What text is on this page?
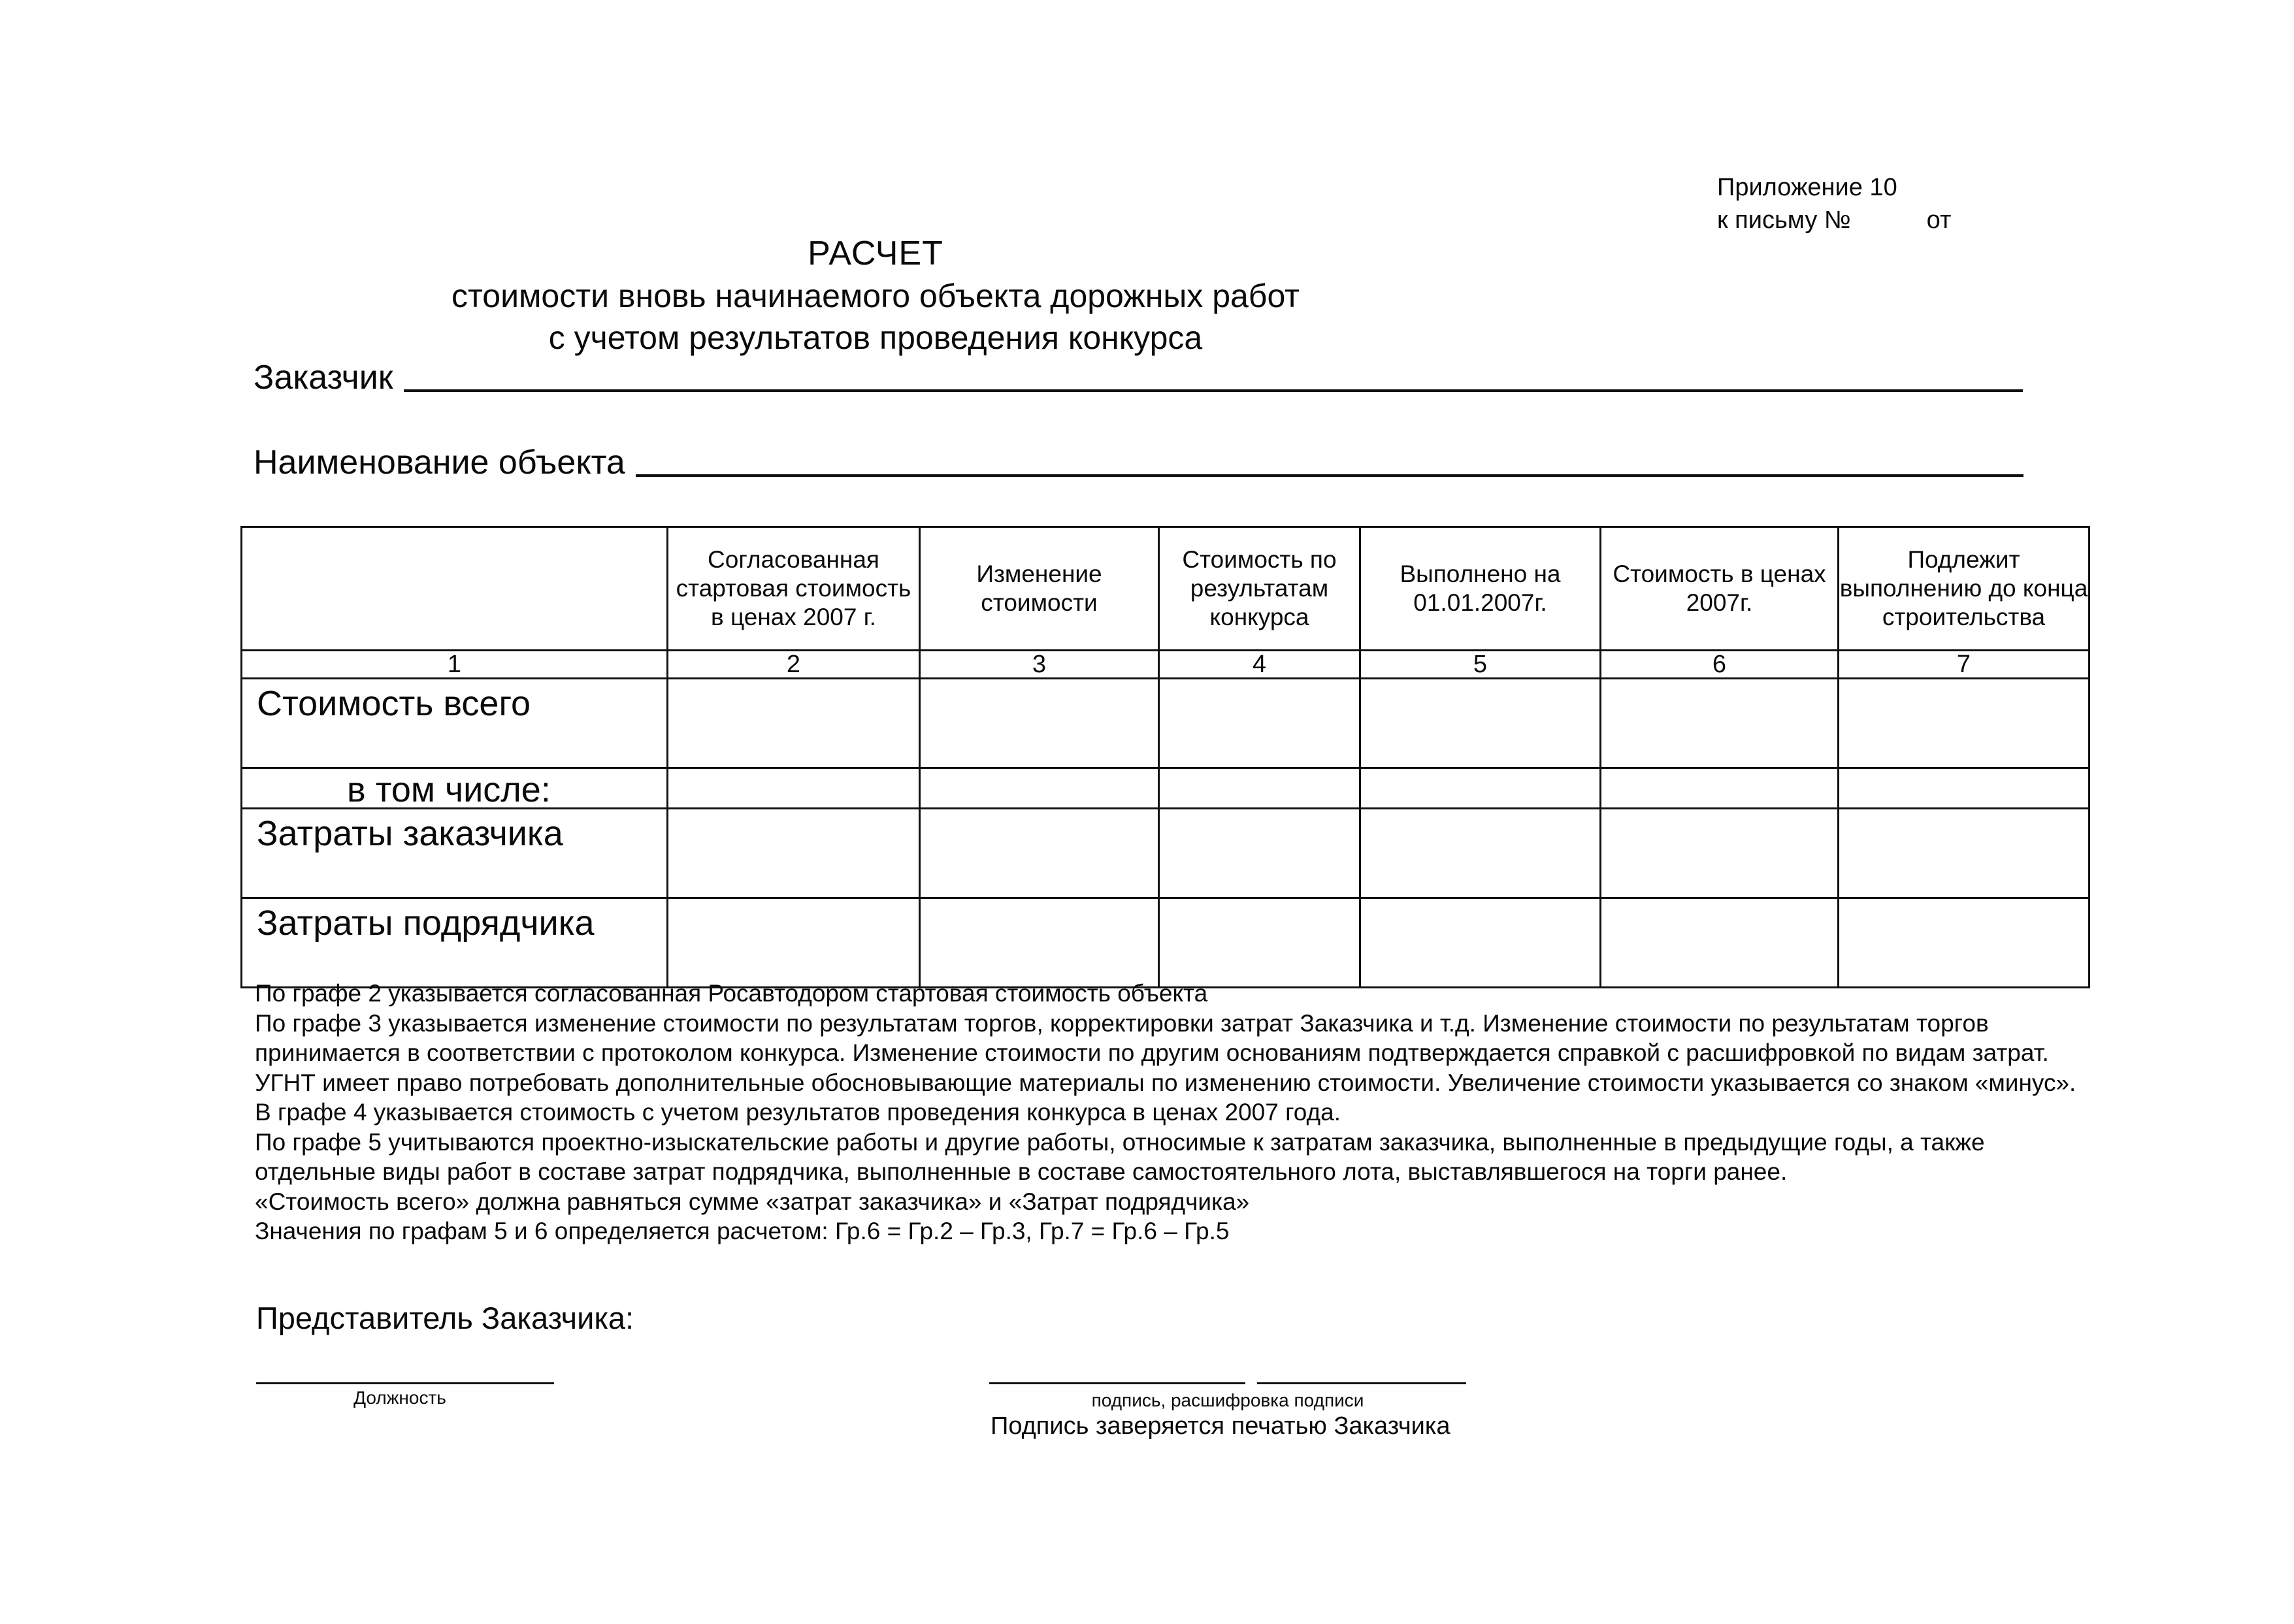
Приложение 10
к письму №	от
РАСЧЕТ
стоимости вновь начинаемого объекта дорожных работ
с учетом результатов проведения конкурса
Заказчик
Наименование объекта
	Согласованная стартовая стоимость в ценах 2007 г.	Изменение стоимости	Стоимость по результатам конкурса	Выполнено на 01.01.2007г.	Стоимость в ценах 2007г.	Подлежит выполнению до конца строительства
1	2	3	4	5	6	7
Стоимость всего						
в том числе:						
Затраты заказчика						
Затраты подрядчика						

По графе 2 указывается согласованная Росавтодором стартовая стоимость объекта

По графе 3 указывается изменение стоимости по результатам торгов, корректировки затрат Заказчика и т.д. Изменение стоимости по результатам торгов принимается в соответствии с протоколом конкурса. Изменение стоимости по другим основаниям подтверждается справкой с расшифровкой по видам затрат. УГНТ имеет право потребовать дополнительные обосновывающие материалы по изменению стоимости. Увеличение стоимости указывается со знаком «минус».

В графе 4 указывается стоимость с учетом результатов проведения конкурса в ценах 2007 года.

По графе 5 учитываются проектно-изыскательские работы и другие работы, относимые к затратам заказчика, выполненные в предыдущие годы, а также отдельные виды работ в составе затрат подрядчика, выполненные в составе самостоятельного лота, выставлявшегося на торги ранее.

«Стоимость всего» должна равняться сумме «затрат заказчика» и «Затрат подрядчика»

Значения по графам 5 и 6 определяется расчетом: Гр.6 = Гр.2 – Гр.3, Гр.7 = Гр.6 – Гр.5

Представитель Заказчика:
Должность	подпись, расшифровка подписи
Подпись заверяется печатью Заказчика
